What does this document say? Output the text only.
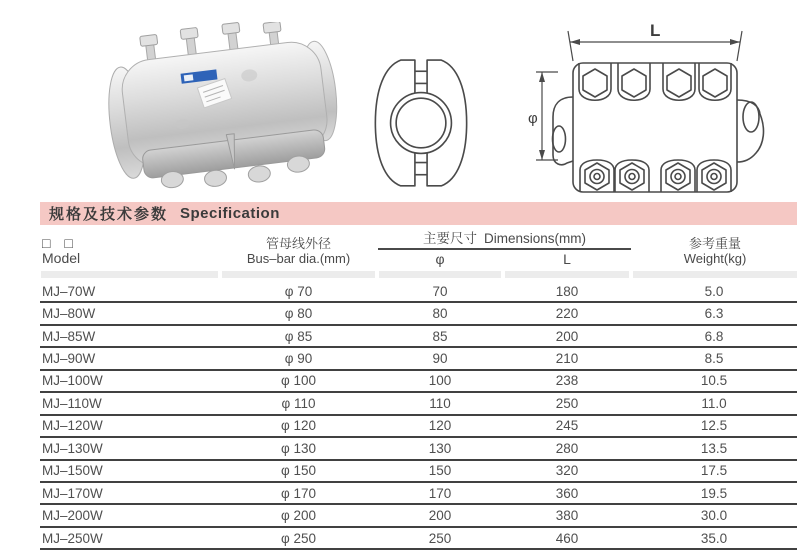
L
φ
规格及技术参数 Specification
□ □
Model
管母线外径
Bus–bar dia.(mm)
主要尺寸 Dimensions(mm)
φ	L
参考重量
Weight(kg)
MJ–70W	φ 70	70	180	5.0
MJ–80W	φ 80	80	220	6.3
MJ–85W	φ 85	85	200	6.8
MJ–90W	φ 90	90	210	8.5
MJ–100W	φ 100	100	238	10.5
MJ–110W	φ 110	110	250	11.0
MJ–120W	φ 120	120	245	12.5
MJ–130W	φ 130	130	280	13.5
MJ–150W	φ 150	150	320	17.5
MJ–170W	φ 170	170	360	19.5
MJ–200W	φ 200	200	380	30.0
MJ–250W	φ 250	250	460	35.0
